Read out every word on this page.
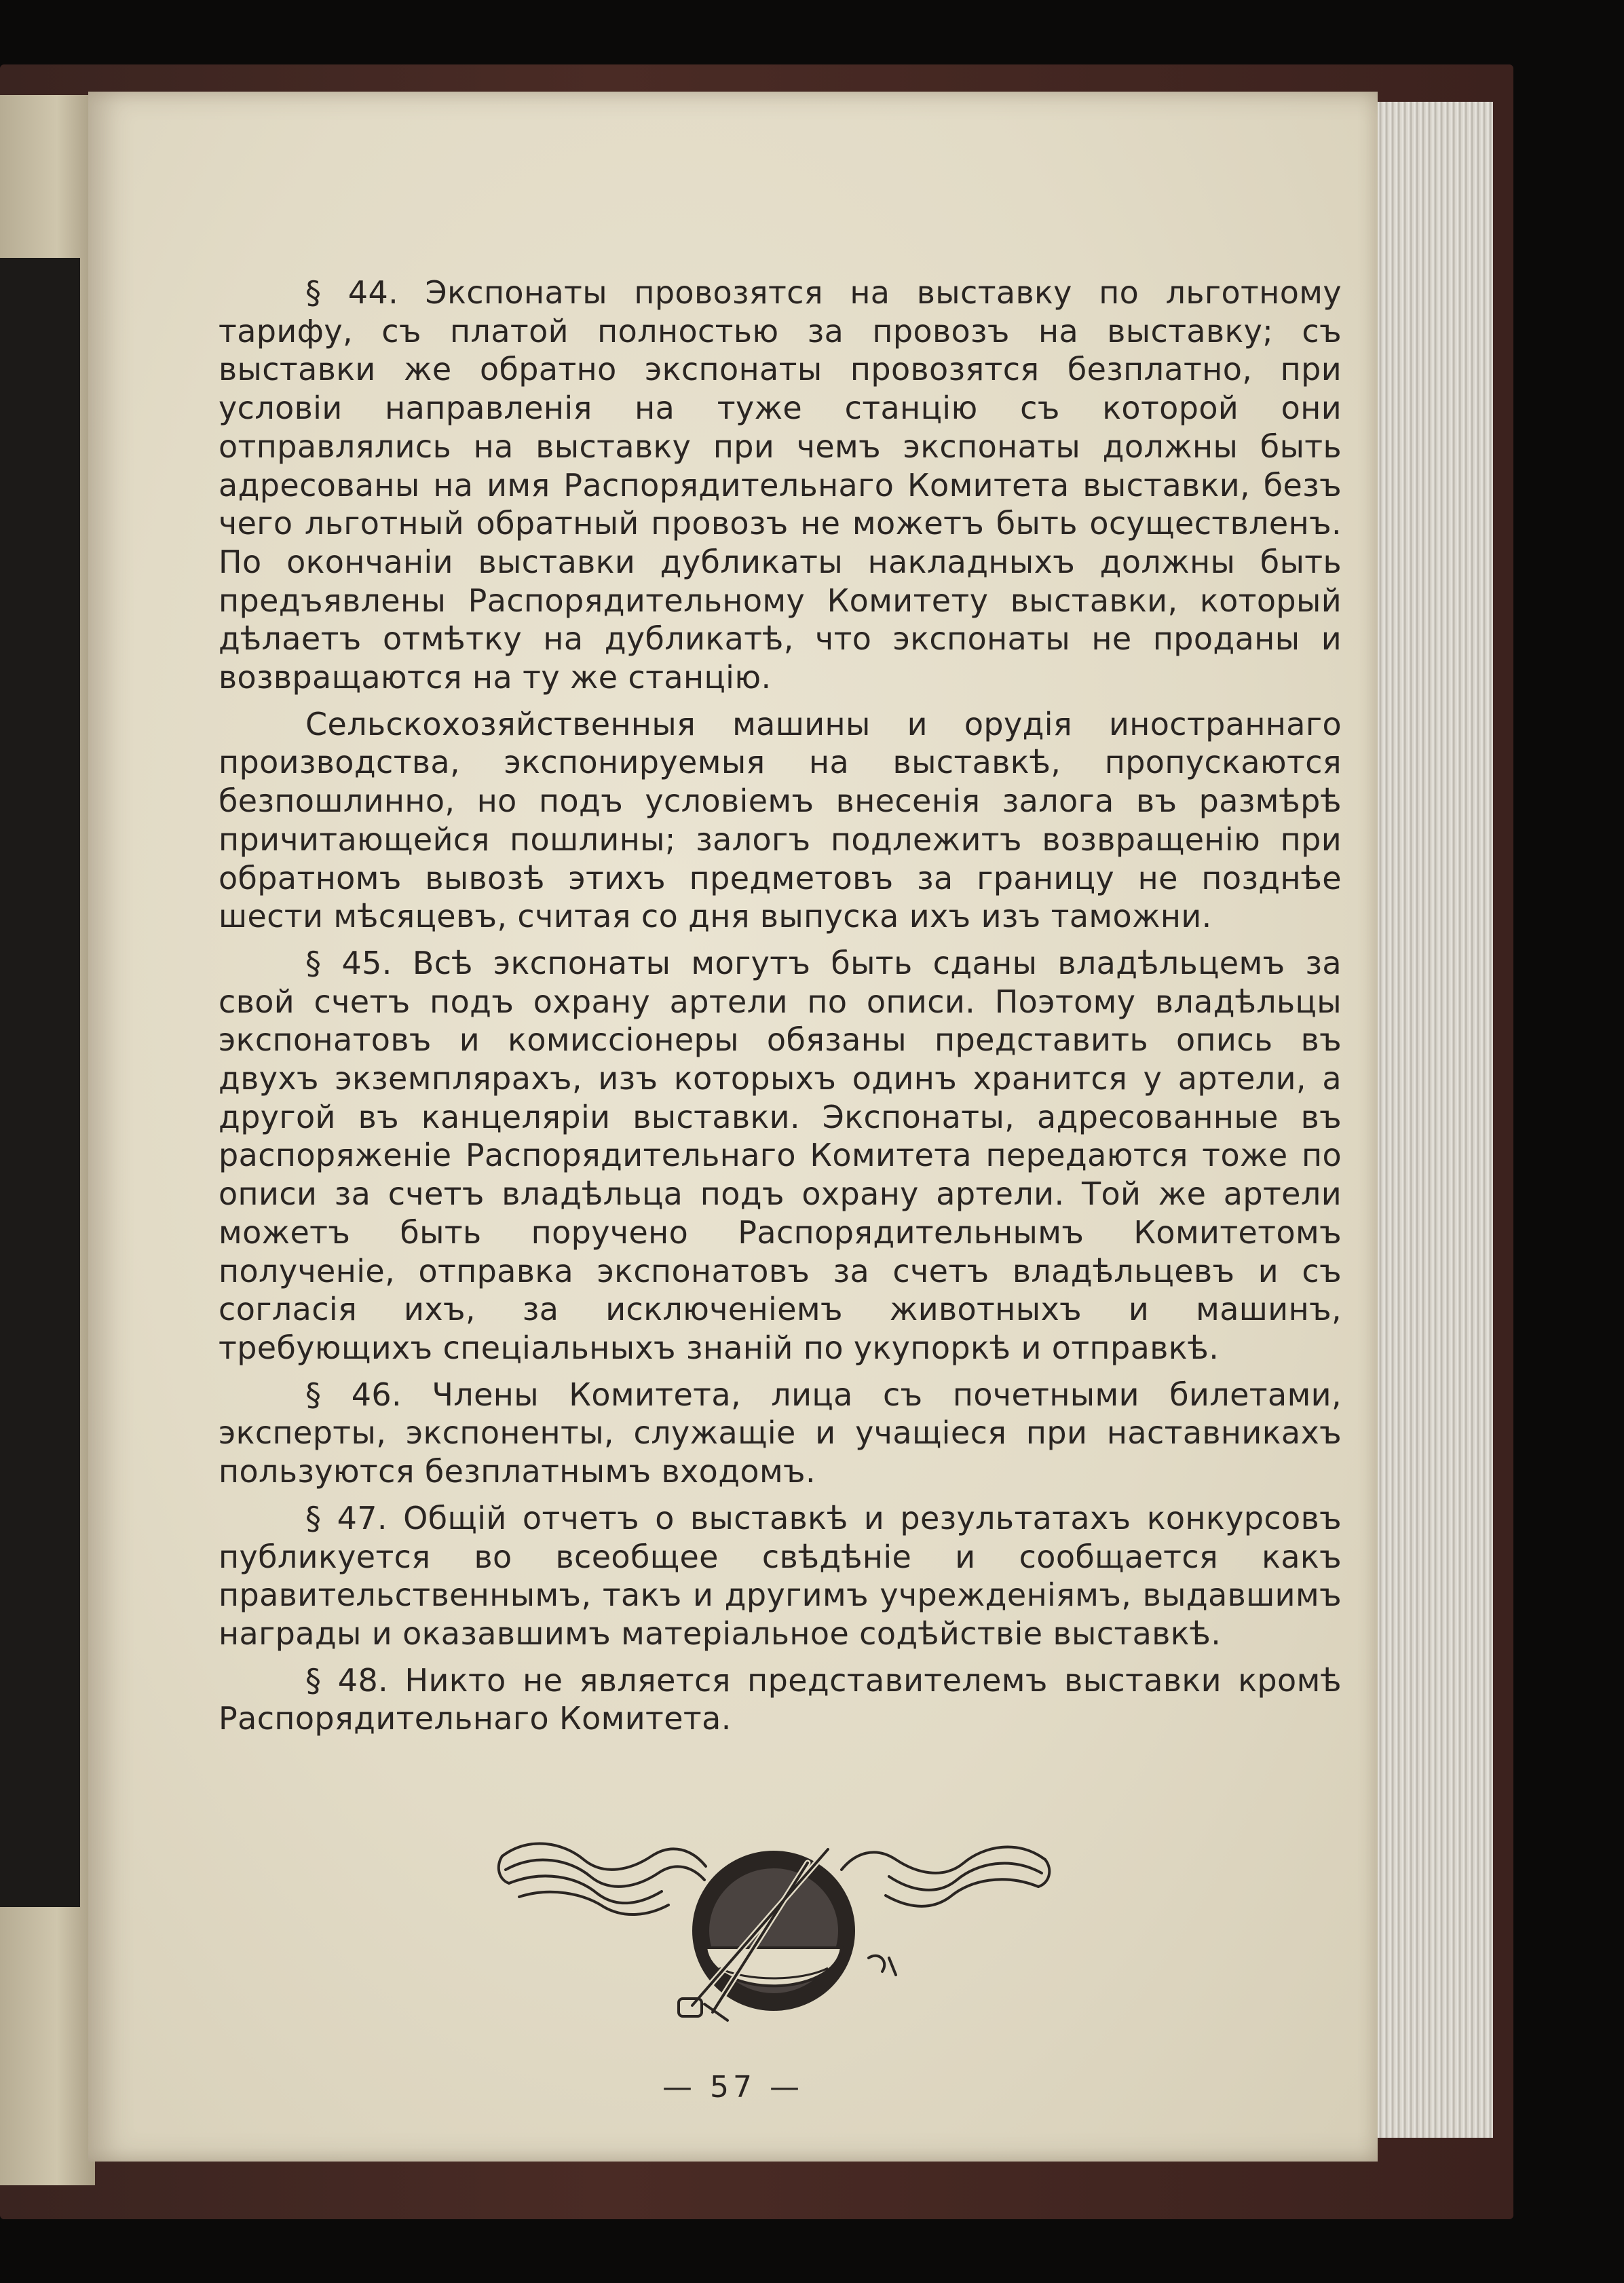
§ 44. Экспонаты провозятся на выставку по льготному тарифу, съ платой полностью за провозъ на выставку; съ выставки же обратно экспонаты провозятся безплатно, при условіи направленія на туже станцію съ которой они отправлялись на выставку при чемъ экспонаты должны быть адресованы на имя Распорядительнаго Комитета выставки, безъ чего льготный обратный провозъ не можетъ быть осуществленъ. По окончаніи выставки дубликаты накладныхъ должны быть предъявлены Распорядительному Комитету выставки, который дѣлаетъ отмѣтку на дубликатѣ, что экспонаты не проданы и возвращаются на ту же станцію.

Сельскохозяйственныя машины и орудія иностраннаго производства, экспонируемыя на выставкѣ, пропускаются безпошлинно, но подъ условіемъ внесенія залога въ размѣрѣ причитающейся пошлины; залогъ подлежитъ возвращенію при обратномъ вывозѣ этихъ предметовъ за границу не позднѣе шести мѣсяцевъ, считая со дня выпуска ихъ изъ таможни.

§ 45. Всѣ экспонаты могутъ быть сданы владѣльцемъ за свой счетъ подъ охрану артели по описи. Поэтому владѣльцы экспонатовъ и комиссіонеры обязаны представить опись въ двухъ экземплярахъ, изъ которыхъ одинъ хранится у артели, а другой въ канцеляріи выставки. Экспонаты, адресованные въ распоряженіе Распорядительнаго Комитета передаются тоже по описи за счетъ владѣльца подъ охрану артели. Той же артели можетъ быть поручено Распорядительнымъ Комитетомъ полученіе, отправка экспонатовъ за счетъ владѣльцевъ и съ согласія ихъ, за исключеніемъ животныхъ и машинъ, требующихъ спеціальныхъ знаній по укупоркѣ и отправкѣ.

§ 46. Члены Комитета, лица съ почетными билетами, эксперты, экспоненты, служащіе и учащіеся при наставникахъ пользуются безплатнымъ входомъ.

§ 47. Общій отчетъ о выставкѣ и результатахъ конкурсовъ публикуется во всеобщее свѣдѣніе и сообщается какъ правительственнымъ, такъ и другимъ учрежденіямъ, выдавшимъ награды и оказавшимъ матеріальное содѣйствіе выставкѣ.

§ 48. Никто не является представителемъ выставки кромѣ Распорядительнаго Комитета.

— 57 —
